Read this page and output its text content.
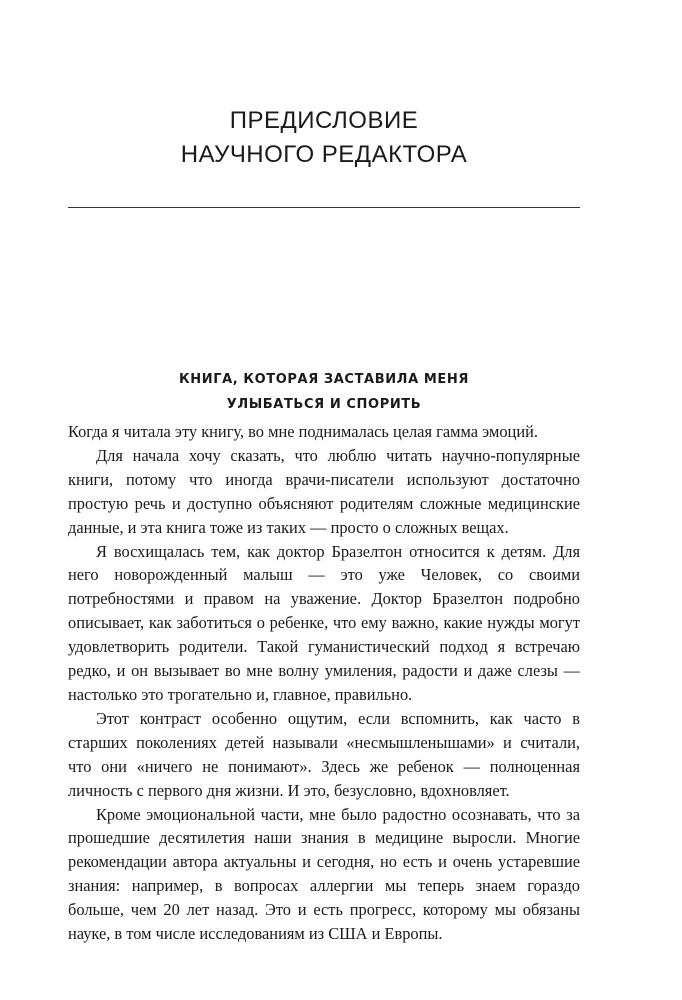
ПРЕДИСЛОВИЕ
НАУЧНОГО РЕДАКТОРА
КНИГА, КОТОРАЯ ЗАСТАВИЛА МЕНЯ
УЛЫБАТЬСЯ И СПОРИТЬ

Когда я читала эту книгу, во мне поднималась целая гамма эмоций.

Для начала хочу сказать, что люблю читать научно-популярные книги, потому что иногда врачи-писатели используют достаточно простую речь и доступно объясняют родителям сложные медицинские данные, и эта книга тоже из таких — просто о сложных вещах.

Я восхищалась тем, как доктор Бразелтон относится к детям. Для него новорожденный малыш — это уже Человек, со своими потребностями и правом на уважение. Доктор Бразелтон подробно описывает, как заботиться о ребенке, что ему важно, какие нужды могут удовлетворить родители. Такой гуманистический подход я встречаю редко, и он вызывает во мне волну умиления, радости и даже слезы — настолько это трогательно и, главное, правильно.

Этот контраст особенно ощутим, если вспомнить, как часто в старших поколениях детей называли «несмышленышами» и считали, что они «ничего не понимают». Здесь же ребенок — полноценная личность с первого дня жизни. И это, безусловно, вдохновляет.

Кроме эмоциональной части, мне было радостно осознавать, что за прошедшие десятилетия наши знания в медицине выросли. Многие рекомендации автора актуальны и сегодня, но есть и очень устаревшие знания: например, в вопросах аллергии мы теперь знаем гораздо больше, чем 20 лет назад. Это и есть прогресс, которому мы обязаны науке, в том числе исследованиям из США и Европы.
